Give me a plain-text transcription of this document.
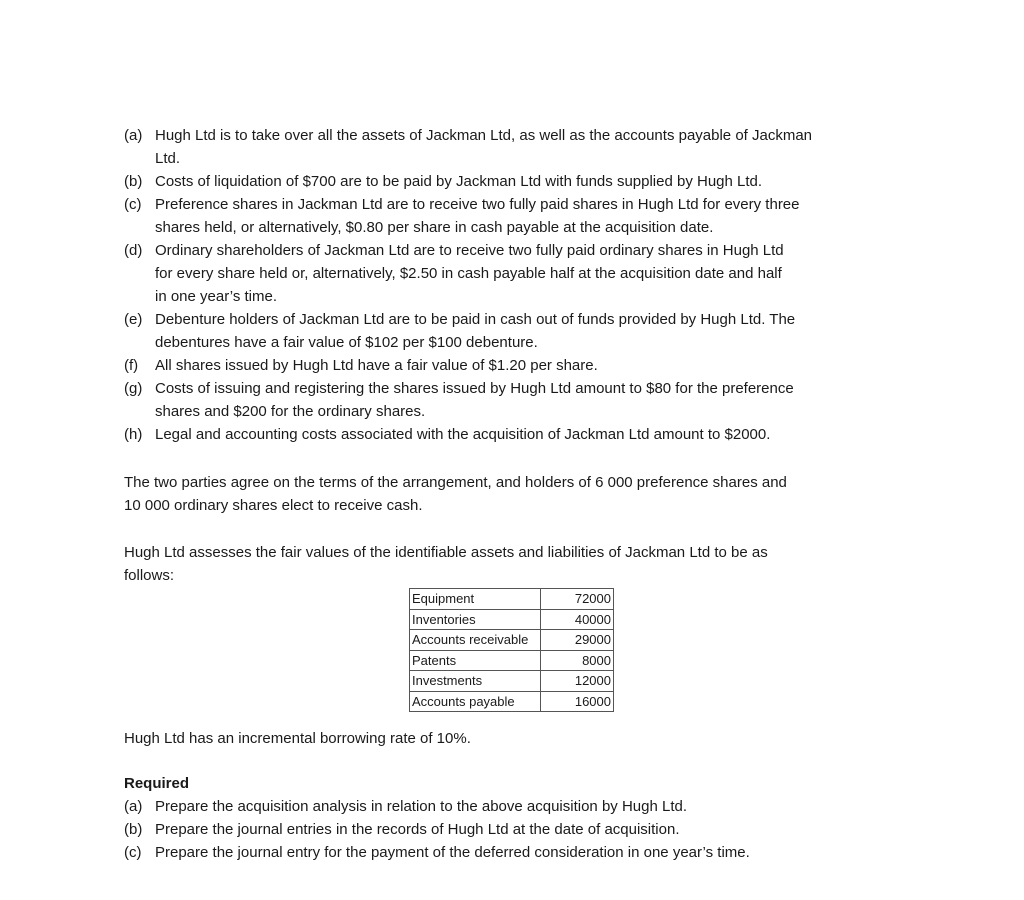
(a) Hugh Ltd is to take over all the assets of Jackman Ltd, as well as the accounts payable of Jackman
Ltd.
(b) Costs of liquidation of $700 are to be paid by Jackman Ltd with funds supplied by Hugh Ltd.
(c) Preference shares in Jackman Ltd are to receive two fully paid shares in Hugh Ltd for every three
shares held, or alternatively, $0.80 per share in cash payable at the acquisition date.
(d) Ordinary shareholders of Jackman Ltd are to receive two fully paid ordinary shares in Hugh Ltd
for every share held or, alternatively, $2.50 in cash payable half at the acquisition date and half
in one year’s time.
(e) Debenture holders of Jackman Ltd are to be paid in cash out of funds provided by Hugh Ltd. The
debentures have a fair value of $102 per $100 debenture.
(f) All shares issued by Hugh Ltd have a fair value of $1.20 per share.
(g) Costs of issuing and registering the shares issued by Hugh Ltd amount to $80 for the preference
shares and $200 for the ordinary shares.
(h) Legal and accounting costs associated with the acquisition of Jackman Ltd amount to $2000.
The two parties agree on the terms of the arrangement, and holders of 6 000 preference shares and
10 000 ordinary shares elect to receive cash.
Hugh Ltd assesses the fair values of the identifiable assets and liabilities of Jackman Ltd to be as
follows:
Equipment	72000
Inventories	40000
Accounts receivable	29000
Patents	8000
Investments	12000
Accounts payable	16000
Hugh Ltd has an incremental borrowing rate of 10%.
Required
(a) Prepare the acquisition analysis in relation to the above acquisition by Hugh Ltd.
(b) Prepare the journal entries in the records of Hugh Ltd at the date of acquisition.
(c) Prepare the journal entry for the payment of the deferred consideration in one year’s time.
